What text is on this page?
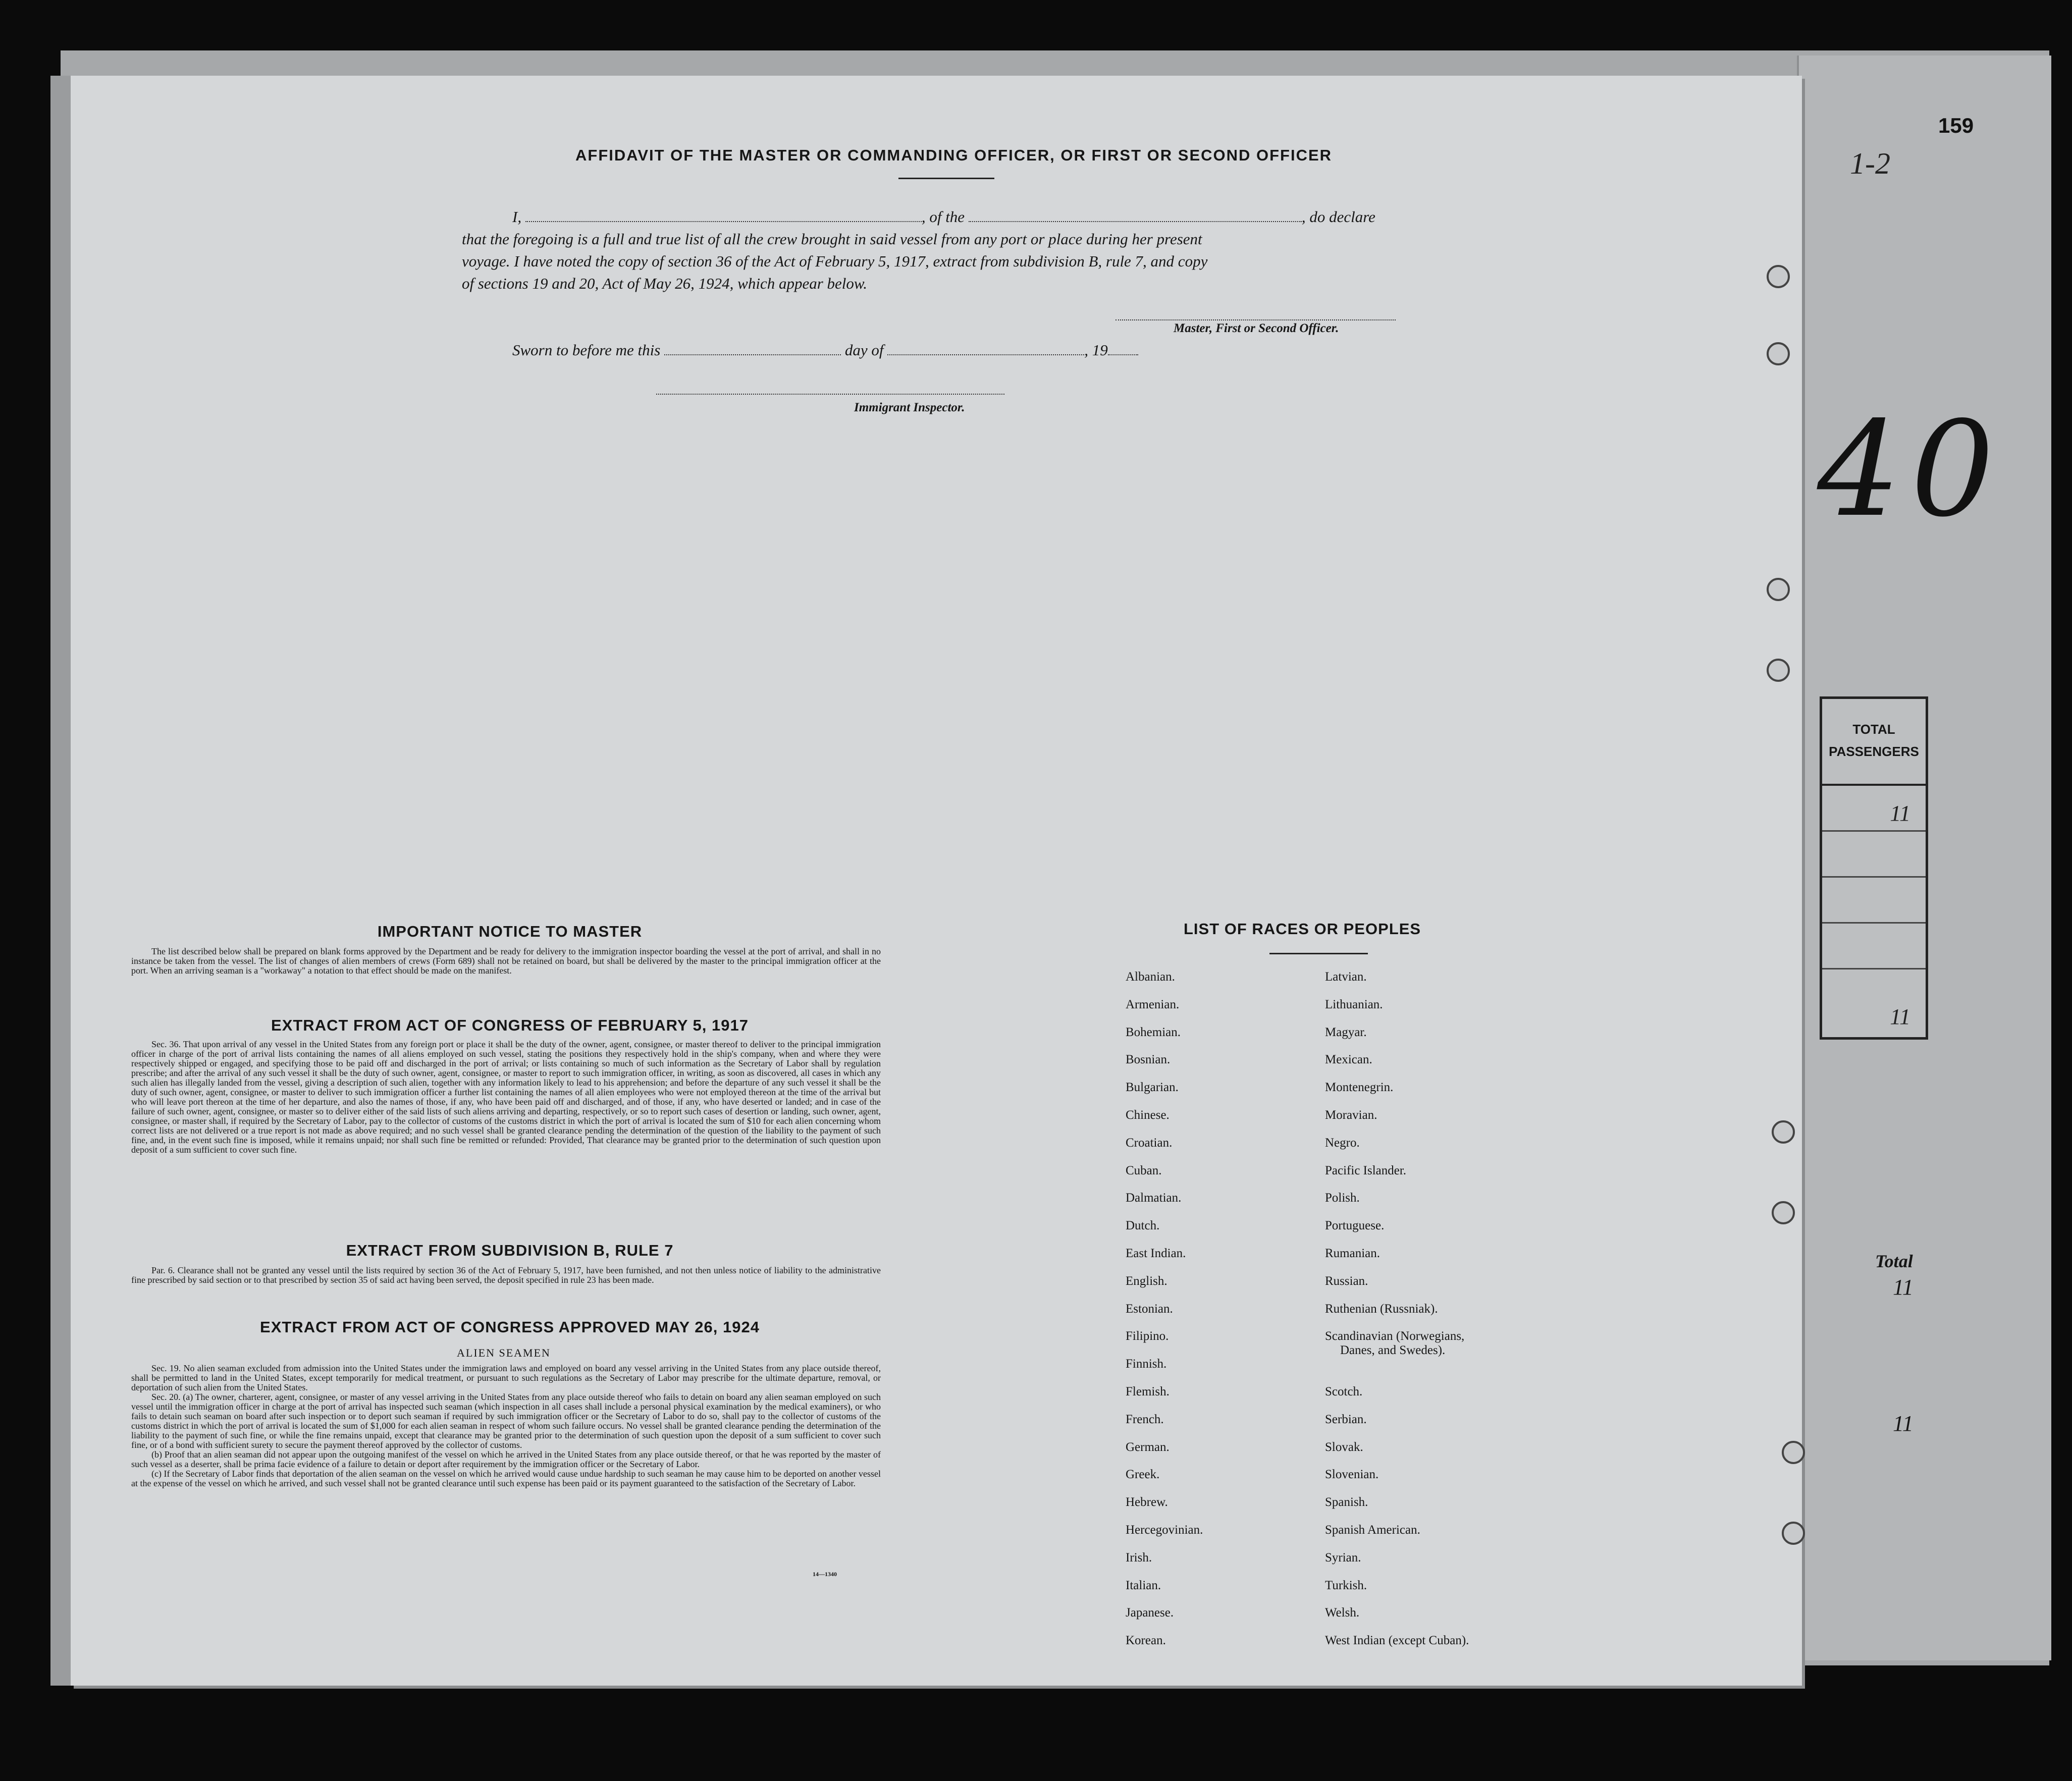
159
1-2
40
TOTAL
PASSENGERS
11
11
Total
11
11
AFFIDAVIT OF THE MASTER OR COMMANDING OFFICER, OR FIRST OR SECOND OFFICER

I,	, of the	, do declare

that the foregoing is a full and true list of all the crew brought in said vessel from any port or place during her present

voyage. I have noted the copy of section 36 of the Act of February 5, 1917, extract from subdivision B, rule 7, and copy

of sections 19 and 20, Act of May 26, 1924, which appear below.

Master, First or Second Officer.
Sworn to before me this	day of	, 19
Immigrant Inspector.
IMPORTANT NOTICE TO MASTER

The list described below shall be prepared on blank forms approved by the Department and be ready for delivery to the immigration inspector boarding the vessel at the port of arrival, and shall in no instance be taken from the vessel. The list of changes of alien members of crews (Form 689) shall not be retained on board, but shall be delivered by the master to the principal immigration officer at the port. When an arriving seaman is a "workaway" a notation to that effect should be made on the manifest.

EXTRACT FROM ACT OF CONGRESS OF FEBRUARY 5, 1917

Sec. 36. That upon arrival of any vessel in the United States from any foreign port or place it shall be the duty of the owner, agent, consignee, or master thereof to deliver to the principal immigration officer in charge of the port of arrival lists containing the names of all aliens employed on such vessel, stating the positions they respectively hold in the ship's company, when and where they were respectively shipped or engaged, and specifying those to be paid off and discharged in the port of arrival; or lists containing so much of such information as the Secretary of Labor shall by regulation prescribe; and after the arrival of any such vessel it shall be the duty of such owner, agent, consignee, or master to report to such immigration officer, in writing, as soon as discovered, all cases in which any such alien has illegally landed from the vessel, giving a description of such alien, together with any information likely to lead to his apprehension; and before the departure of any such vessel it shall be the duty of such owner, agent, consignee, or master to deliver to such immigration officer a further list containing the names of all alien employees who were not employed thereon at the time of the arrival but who will leave port thereon at the time of her departure, and also the names of those, if any, who have been paid off and discharged, and of those, if any, who have deserted or landed; and in case of the failure of such owner, agent, consignee, or master so to deliver either of the said lists of such aliens arriving and departing, respectively, or so to report such cases of desertion or landing, such owner, agent, consignee, or master shall, if required by the Secretary of Labor, pay to the collector of customs of the customs district in which the port of arrival is located the sum of $10 for each alien concerning whom correct lists are not delivered or a true report is not made as above required; and no such vessel shall be granted clearance pending the determination of the question of the liability to the payment of such fine, and, in the event such fine is imposed, while it remains unpaid; nor shall such fine be remitted or refunded: Provided, That clearance may be granted prior to the determination of such question upon deposit of a sum sufficient to cover such fine.

EXTRACT FROM SUBDIVISION B, RULE 7

Par. 6. Clearance shall not be granted any vessel until the lists required by section 36 of the Act of February 5, 1917, have been furnished, and not then unless notice of liability to the administrative fine prescribed by said section or to that prescribed by section 35 of said act having been served, the deposit specified in rule 23 has been made.

EXTRACT FROM ACT OF CONGRESS APPROVED MAY 26, 1924
ALIEN SEAMEN

Sec. 19. No alien seaman excluded from admission into the United States under the immigration laws and employed on board any vessel arriving in the United States from any place outside thereof, shall be permitted to land in the United States, except temporarily for medical treatment, or pursuant to such regulations as the Secretary of Labor may prescribe for the ultimate departure, removal, or deportation of such alien from the United States.

Sec. 20. (a) The owner, charterer, agent, consignee, or master of any vessel arriving in the United States from any place outside thereof who fails to detain on board any alien seaman employed on such vessel until the immigration officer in charge at the port of arrival has inspected such seaman (which inspection in all cases shall include a personal physical examination by the medical examiners), or who fails to detain such seaman on board after such inspection or to deport such seaman if required by such immigration officer or the Secretary of Labor to do so, shall pay to the collector of customs of the customs district in which the port of arrival is located the sum of $1,000 for each alien seaman in respect of whom such failure occurs. No vessel shall be granted clearance pending the determination of the liability to the payment of such fine, or while the fine remains unpaid, except that clearance may be granted prior to the determination of such question upon the deposit of a sum sufficient to cover such fine, or of a bond with sufficient surety to secure the payment thereof approved by the collector of customs.

(b) Proof that an alien seaman did not appear upon the outgoing manifest of the vessel on which he arrived in the United States from any place outside thereof, or that he was reported by the master of such vessel as a deserter, shall be prima facie evidence of a failure to detain or deport after requirement by the immigration officer or the Secretary of Labor.

(c) If the Secretary of Labor finds that deportation of the alien seaman on the vessel on which he arrived would cause undue hardship to such seaman he may cause him to be deported on another vessel at the expense of the vessel on which he arrived, and such vessel shall not be granted clearance until such expense has been paid or its payment guaranteed to the satisfaction of the Secretary of Labor.

14—1340
LIST OF RACES OR PEOPLES
Albanian.
Armenian.
Bohemian.
Bosnian.
Bulgarian.
Chinese.
Croatian.
Cuban.
Dalmatian.
Dutch.
East Indian.
English.
Estonian.
Filipino.
Finnish.
Flemish.
French.
German.
Greek.
Hebrew.
Hercegovinian.
Irish.
Italian.
Japanese.
Korean.
Latvian.
Lithuanian.
Magyar.
Mexican.
Montenegrin.
Moravian.
Negro.
Pacific Islander.
Polish.
Portuguese.
Rumanian.
Russian.
Ruthenian (Russniak).
Scandinavian (Norwegians,
Scotch.
Serbian.
Slovak.
Slovenian.
Spanish.
Spanish American.
Syrian.
Turkish.
Welsh.
West Indian (except Cuban).
Danes, and Swedes).
